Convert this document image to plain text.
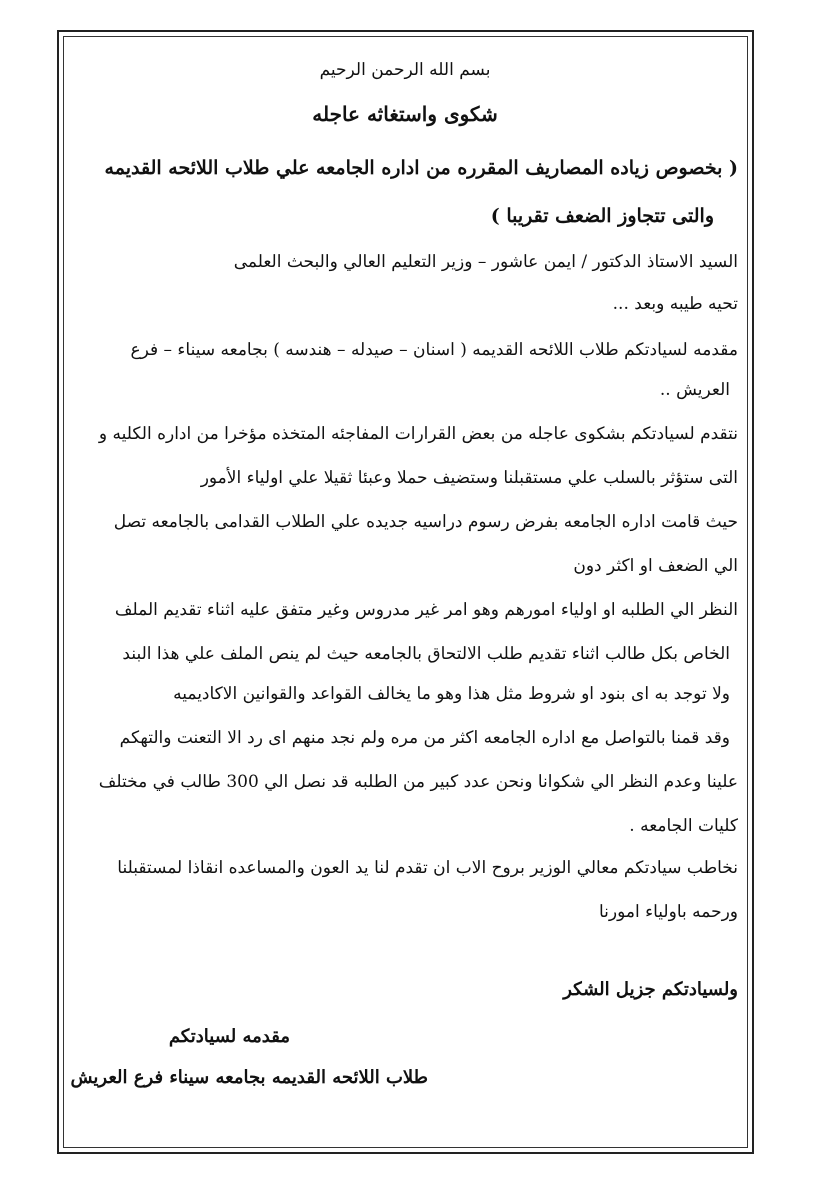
بسم الله الرحمن الرحيم
شكوى واستغاثه عاجله
( بخصوص زياده المصاريف المقرره من اداره الجامعه علي طلاب اللائحه القديمه
والتى تتجاوز الضعف تقريبا )
السيد الاستاذ الدكتور / ايمن عاشور – وزير التعليم العالي والبحث العلمى
تحيه طيبه وبعد ...
مقدمه لسيادتكم طلاب اللائحه القديمه ( اسنان – صيدله – هندسه ) بجامعه سيناء – فرع
العريش ..
نتقدم لسيادتكم بشكوى عاجله من بعض القرارات المفاجئه المتخذه مؤخرا من اداره الكليه و
التى ستؤثر بالسلب علي مستقبلنا وستضيف حملا وعبئا ثقيلا علي اولياء الأمور
حيث قامت اداره الجامعه بفرض رسوم دراسيه جديده علي الطلاب القدامى بالجامعه تصل
الي الضعف او اكثر دون
النظر الي الطلبه او اولياء امورهم وهو امر غير مدروس وغير متفق عليه اثناء تقديم الملف
الخاص بكل طالب اثناء تقديم طلب الالتحاق بالجامعه حيث لم ينص الملف علي هذا البند
ولا توجد به اى بنود او شروط مثل هذا وهو ما يخالف القواعد والقوانين الاكاديميه
وقد قمنا بالتواصل مع اداره الجامعه اكثر من مره ولم نجد منهم اى رد الا التعنت والتهكم
علينا وعدم النظر الي شكوانا ونحن عدد كبير من الطلبه قد نصل الي 300 طالب في مختلف
كليات الجامعه .
نخاطب سيادتكم معالي الوزير بروح الاب ان تقدم لنا يد العون والمساعده انقاذا لمستقبلنا
ورحمه باولياء امورنا
ولسيادتكم جزيل الشكر
مقدمه لسيادتكم
طلاب اللائحه القديمه بجامعه سيناء فرع العريش
